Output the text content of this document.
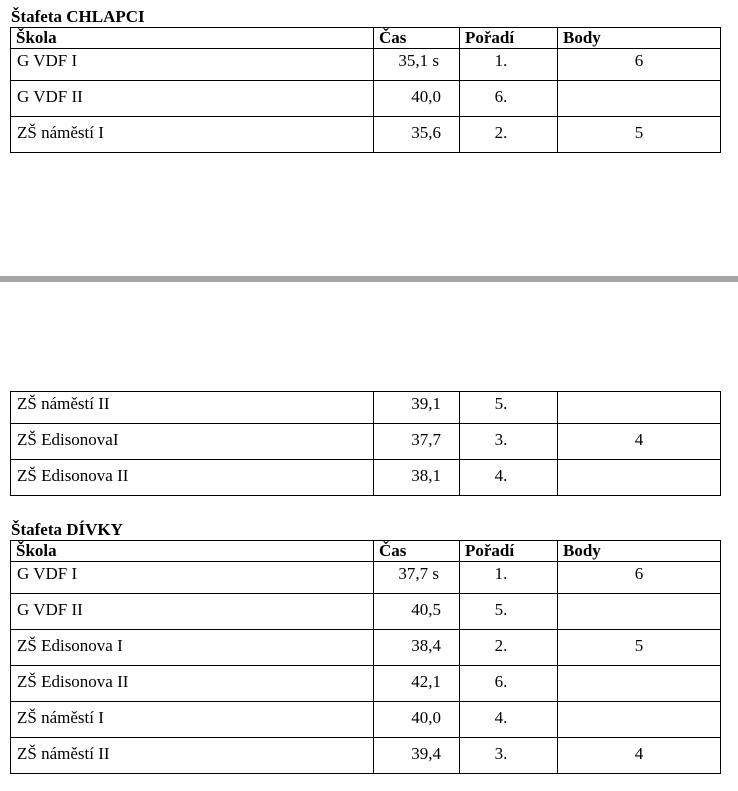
Štafeta CHLAPCI
Škola	Čas	Pořadí	Body
G VDF I	35,1 s	1.	6
G VDF II	40,0	6.	
ZŠ náměstí I	35,6	2.	5
ZŠ náměstí II	39,1	5.	
ZŠ EdisonovaI	37,7	3.	4
ZŠ Edisonova II	38,1	4.	
Štafeta DÍVKY
Škola	Čas	Pořadí	Body
G VDF I	37,7 s	1.	6
G VDF II	40,5	5.	
ZŠ Edisonova I	38,4	2.	5
ZŠ Edisonova II	42,1	6.	
ZŠ náměstí I	40,0	4.	
ZŠ náměstí II	39,4	3.	4
